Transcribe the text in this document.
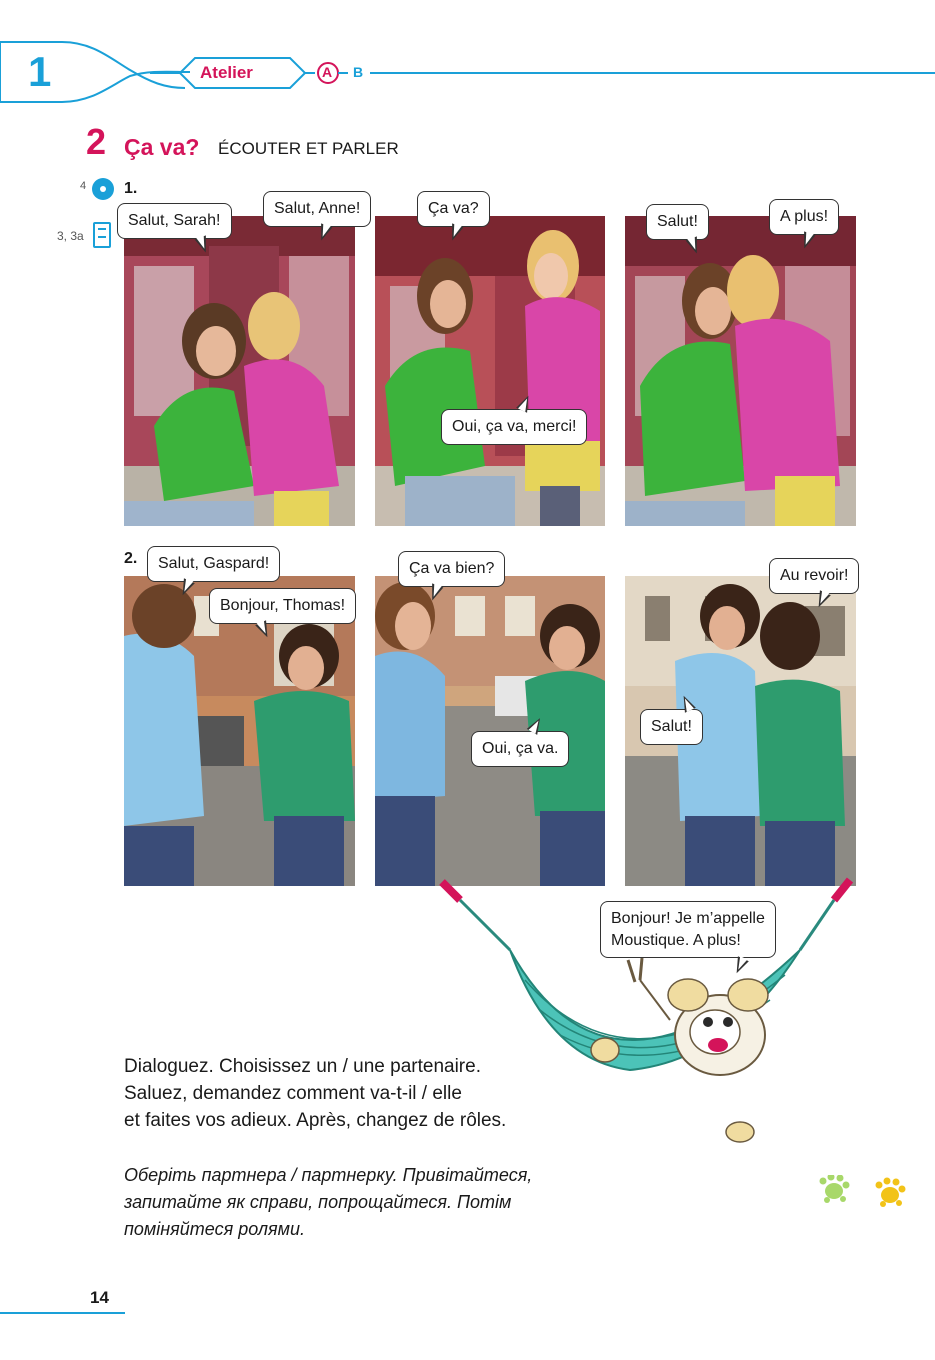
1	Atelier	A B
2 Ça va? ÉCOUTER ET PARLER
4
3, 3a
1.
2.
Salut, Sarah!
Salut, Anne!	Ça va?
Oui, ça va, merci!
Salut!	A plus!
Salut, Gaspard!
Bonjour, Thomas!
Ça va bien?
Oui, ça va.
Au revoir!
Salut!
Bonjour! Je m’appelle
Moustique. A plus!

Dialoguez. Choisissez un / une partenaire.

Saluez, demandez comment va-t-il / elle

et faites vos adieux. Après, changez de rôles.

Оберіть партнера / партнерку. Привітайтеся,

запитайте як справи, попрощайтеся. Потім

поміняйтеся ролями.

14
